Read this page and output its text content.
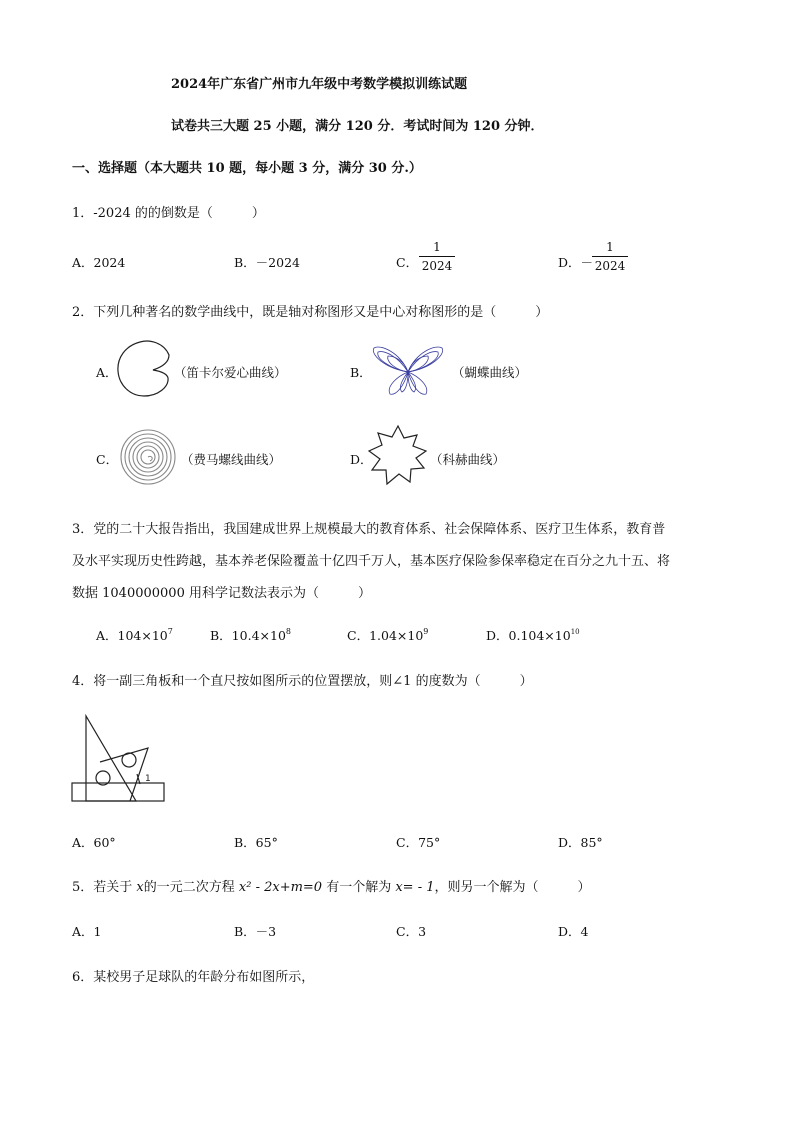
2024年广东省广州市九年级中考数学模拟训练试题
试卷共三大题 25 小题，满分 120 分．考试时间为 120 分钟．
一、选择题（本大题共 10 题，每小题 3 分，满分 30 分.）
1．-2024 的的倒数是（　　　）
A．2024	B．－2024	C．
1
2024	D．－
1
2024
2．下列几种著名的数学曲线中，既是轴对称图形又是中心对称图形的是（　　　）
A．	（笛卡尔爱心曲线）	B．	（蝴蝶曲线）
C．	（费马螺线曲线）	D．	（科赫曲线）
3．党的二十大报告指出，我国建成世界上规模最大的教育体系、社会保障体系、医疗卫生体系，教育普
及水平实现历史性跨越，基本养老保险覆盖十亿四千万人，基本医疗保险参保率稳定在百分之九十五、将
数据 1040000000 用科学记数法表示为（　　　）
A．$104\times 10^7$	B．$10.4\times 10^8$	C．$1.04\times 10^9$	D．$0.104\times 10^{10}$
4．将一副三角板和一个直尺按如图所示的位置摆放，则∠1 的度数为（　　　）
1
A．60°	B．65°	C．75°	D．85°
5．若关于 x的一元二次方程 x² - 2x+m=0 有一个解为 x= - 1，则另一个解为（　　　）
A．1	B．－3	C．3	D．4
6．某校男子足球队的年龄分布如图所示，
